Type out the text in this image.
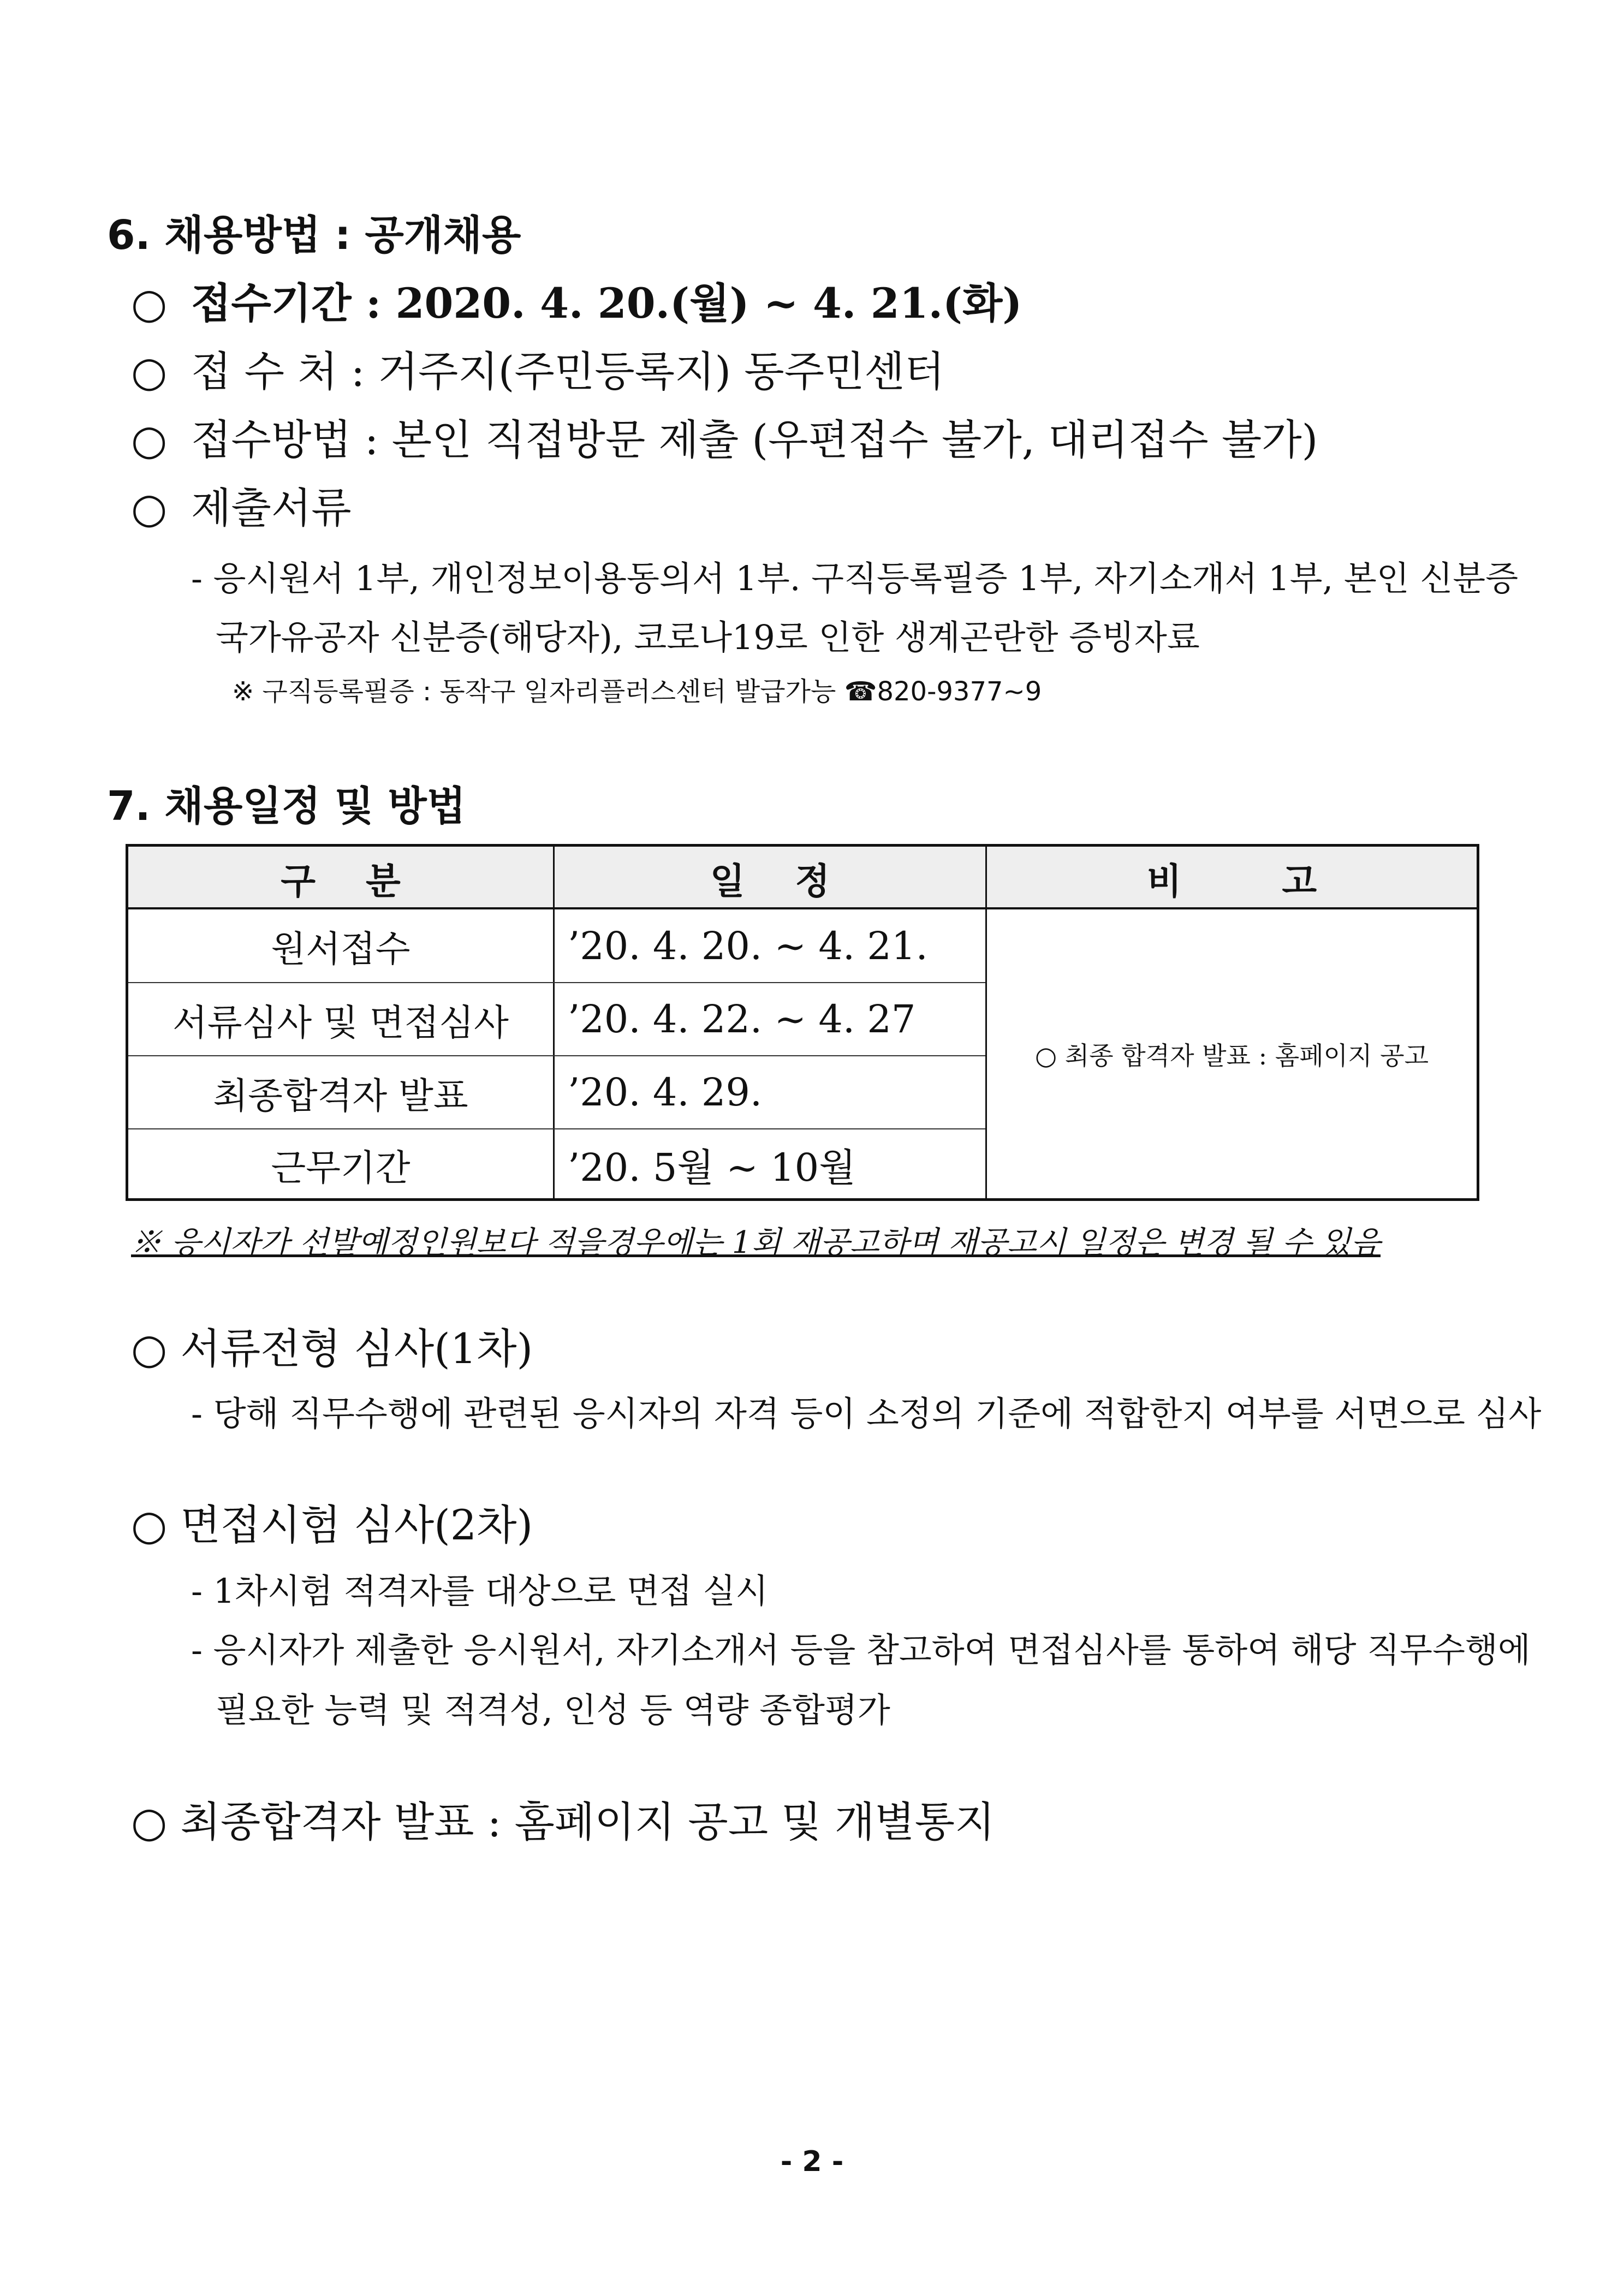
6. 채용방법 : 공개채용
○ 접수기간 : 2020. 4. 20.(월) ~ 4. 21.(화)
○ 접 수 처 : 거주지(주민등록지) 동주민센터
○ 접수방법 : 본인 직접방문 제출 (우편접수 불가, 대리접수 불가)
○ 제출서류
- 응시원서 1부, 개인정보이용동의서 1부. 구직등록필증 1부, 자기소개서 1부, 본인 신분증
국가유공자 신분증(해당자), 코로나19로 인한 생계곤란한 증빙자료
※ 구직등록필증 : 동작구 일자리플러스센터 발급가능 ☎820-9377~9
7. 채용일정 및 방법
구    분	일    정	비        고
원서접수	’20. 4. 20. ~ 4. 21.
서류심사 및 면접심사	’20. 4. 22. ~ 4. 27
최종합격자 발표	’20. 4. 29.
근무기간	’20. 5월 ~ 10월
○ 최종 합격자 발표 : 홈페이지 공고
※ 응시자가 선발예정인원보다 적을경우에는 1회 재공고하며 재공고시 일정은 변경 될 수 있음
○ 서류전형 심사(1차)
- 당해 직무수행에 관련된 응시자의 자격 등이 소정의 기준에 적합한지 여부를 서면으로 심사
○ 면접시험 심사(2차)
- 1차시험 적격자를 대상으로 면접 실시
- 응시자가 제출한 응시원서, 자기소개서 등을 참고하여 면접심사를 통하여 해당 직무수행에
필요한 능력 및 적격성, 인성 등 역량 종합평가
○ 최종합격자 발표 : 홈페이지 공고 및 개별통지
- 2 -
